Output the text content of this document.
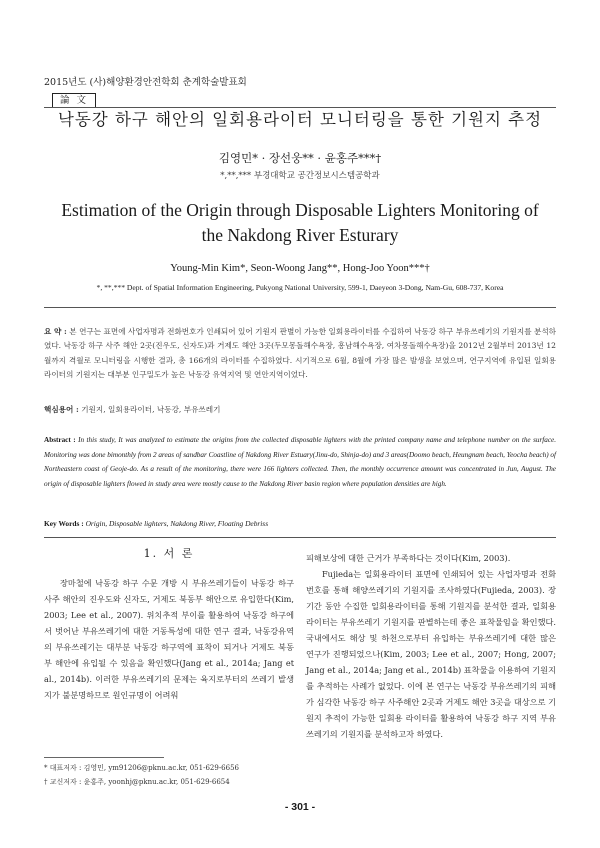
2015년도 (사)해양환경안전학회 춘계학술발표회
論 文
낙동강 하구 해안의 일회용라이터 모니터링을 통한 기원지 추정
김영민* · 장선웅** · 윤홍주***†
*,**,*** 부경대학교 공간정보시스템공학과
Estimation of the Origin through Disposable Lighters Monitoring of
the Nakdong River Esturary
Young-Min Kim*, Seon-Woong Jang**, Hong-Joo Yoon***†
*, **,*** Dept. of Spatial Information Engineering, Pukyong National University, 599-1, Daeyeon 3-Dong, Nam-Gu, 608-737, Korea
요 약 : 본 연구는 표면에 사업자명과 전화번호가 인쇄되어 있어 기원지 판별이 가능한 일회용라이터를 수집하여 낙동강 하구 부유쓰레기의 기원지를 분석하였다. 낙동강 하구 사주 해안 2곳(진우도, 신자도)과 거제도 해안 3곳(두모몽돌해수욕장, 흥남해수욕장, 여차몽돌해수욕장)을 2012년 2월부터 2013년 12월까지 격월로 모니터링을 시행한 결과, 총 166개의 라이터를 수집하였다. 시기적으로 6월, 8월에 가장 많은 발생을 보였으며, 연구지역에 유입된 일회용 라이터의 기원지는 대부분 인구밀도가 높은 낙동강 유역지역 및 연안지역이었다.
핵심용어 : 기원지, 일회용라이터, 낙동강, 부유쓰레기
Abstract : In this study, It was analyzed to estimate the origins from the collected disposable lighters with the printed company name and telephone number on the surface. Monitoring was done bimonthly from 2 areas of sandbar Coastline of Nakdong River Estuary(Jinu-do, Shinja-do) and 3 areas(Doomo beach, Heungnam beach, Yeocha beach) of Northeastern coast of Geoje-do. As a result of the monitoring, there were 166 lighters collected. Then, the monthly occurrence amount was concentrated in Jun, August. The origin of disposable lighters flowed in study area were mostly cause to the Nakdong River basin region where population densities are high.
Key Words : Origin, Disposable lighters, Nakdong River, Floating Debriss
1. 서 론
장마철에 낙동강 하구 수문 개방 시 부유쓰레기들이 낙동강 하구 사주 해안의 진우도와 신자도, 거제도 북동부 해안으로 유입한다(Kim, 2003; Lee et al., 2007). 위치추적 부이를 활용하여 낙동강 하구에서 벗어난 부유쓰레기에 대한 거동특성에 대한 연구 결과, 낙동강유역의 부유쓰레기는 대부분 낙동강 하구역에 표착이 되거나 거제도 북동부 해안에 유입될 수 있음을 확인했다(Jang et al., 2014a; Jang et al., 2014b). 이러한 부유쓰레기의 문제는 육지로부터의 쓰레기 발생지가 불분명하므로 원인규명이 어려워
피해보상에 대한 근거가 부족하다는 것이다(Kim, 2003).
Fujieda는 일회용라이터 표면에 인쇄되어 있는 사업자명과 전화번호를 통해 해양쓰레기의 기원지를 조사하였다(Fujieda, 2003). 장기간 동안 수집한 일회용라이터를 통해 기원지를 분석한 결과, 일회용라이터는 부유쓰레기 기원지를 판별하는데 좋은 표착물임을 확인했다. 국내에서도 해상 및 하천으로부터 유입하는 부유쓰레기에 대한 많은 연구가 진행되었으나(Kim, 2003; Lee et al., 2007; Hong, 2007; Jang et al., 2014a; Jang et al., 2014b) 표착물을 이용하여 기원지를 추적하는 사례가 없었다. 이에 본 연구는 낙동강 부유쓰레기의 피해가 심각한 낙동강 하구 사주해안 2곳과 거제도 해안 3곳을 대상으로 기원지 추적이 가능한 일회용 라이터를 활용하여 낙동강 하구 지역 부유쓰레기의 기원지를 분석하고자 하였다.
* 대표저자 : 김영민, ym91206@pknu.ac.kr, 051-629-6656
† 교신저자 : 윤홍주, yoonhj@pknu.ac.kr, 051-629-6654
- 301 -
